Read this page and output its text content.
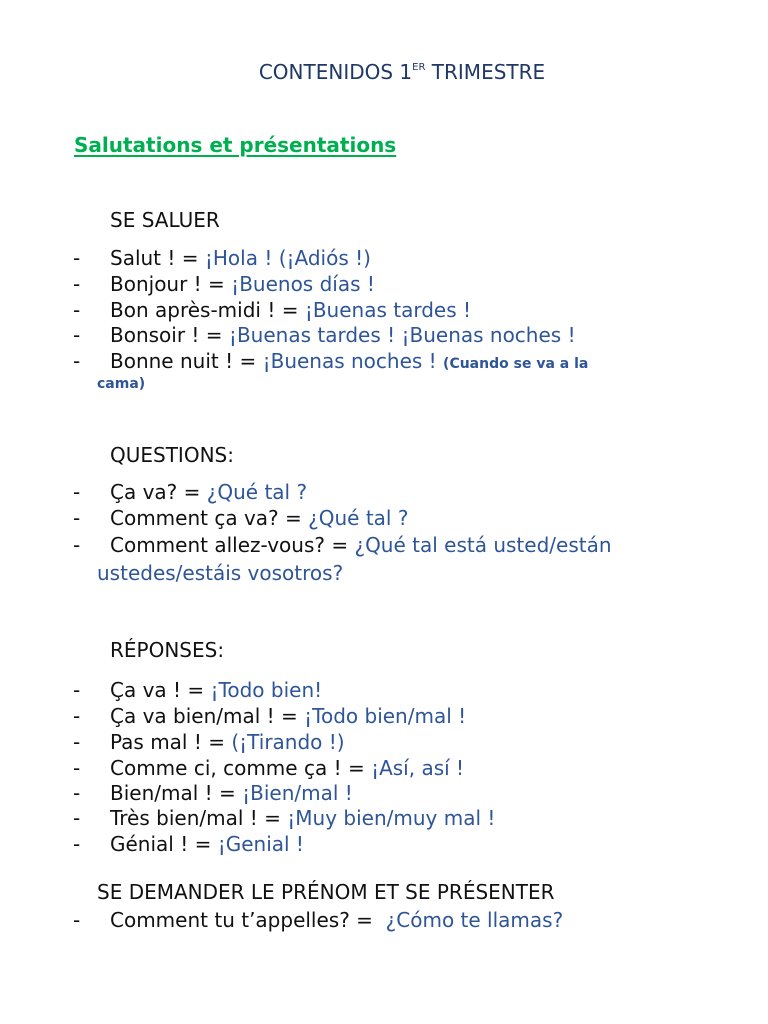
CONTENIDOS 1ER TRIMESTRE
Salutations et présentations
SE SALUER
- Salut ! = ¡Hola ! (¡Adiós !)
- Bonjour ! = ¡Buenos días !
- Bon après-midi ! = ¡Buenas tardes !
- Bonsoir ! = ¡Buenas tardes ! ¡Buenas noches !
- Bonne nuit ! = ¡Buenas noches ! (Cuando se va a la
cama)
QUESTIONS:
- Ça va? = ¿Qué tal ?
- Comment ça va? = ¿Qué tal ?
- Comment allez-vous? = ¿Qué tal está usted/están
ustedes/estáis vosotros?
RÉPONSES:
- Ça va ! = ¡Todo bien!
- Ça va bien/mal ! = ¡Todo bien/mal !
- Pas mal ! = (¡Tirando !)
- Comme ci, comme ça ! = ¡Así, así !
- Bien/mal ! = ¡Bien/mal !
- Très bien/mal ! = ¡Muy bien/muy mal !
- Génial ! = ¡Genial !
SE DEMANDER LE PRÉNOM ET SE PRÉSENTER
- Comment tu t’appelles? =  ¿Cómo te llamas?
